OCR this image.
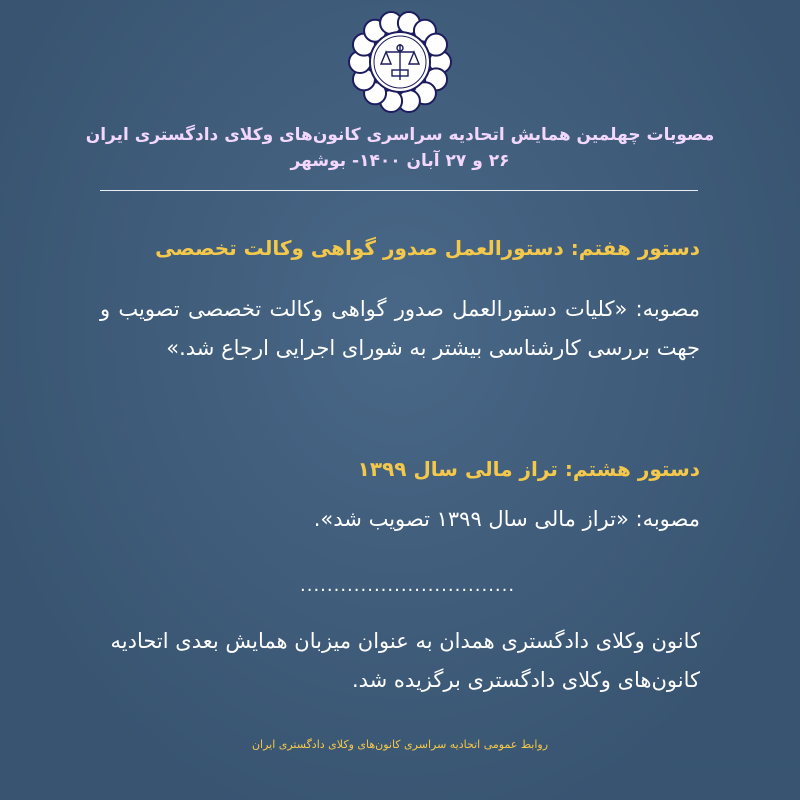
مصوبات چهلمین همایش اتحادیه سراسری کانون‌های وکلای دادگستری ایران
۲۶ و ۲۷ آبان ۱۴۰۰- بوشهر

دستور هفتم: دستورالعمل صدور گواهی وکالت تخصصی

مصوبه: «کلیات دستورالعمل صدور گواهی وکالت تخصصی تصویب و جهت بررسی کارشناسی بیشتر به شورای اجرایی ارجاع شد.»

دستور هشتم: تراز مالی سال ۱۳۹۹

مصوبه: «تراز مالی سال ۱۳۹۹ تصویب شد».

................................
کانون وکلای دادگستری همدان به عنوان میزبان همایش بعدی اتحادیه کانون‌های وکلای دادگستری برگزیده شد.
روابط عمومی اتحادیه سراسری کانون‌های وکلای دادگستری ایران
